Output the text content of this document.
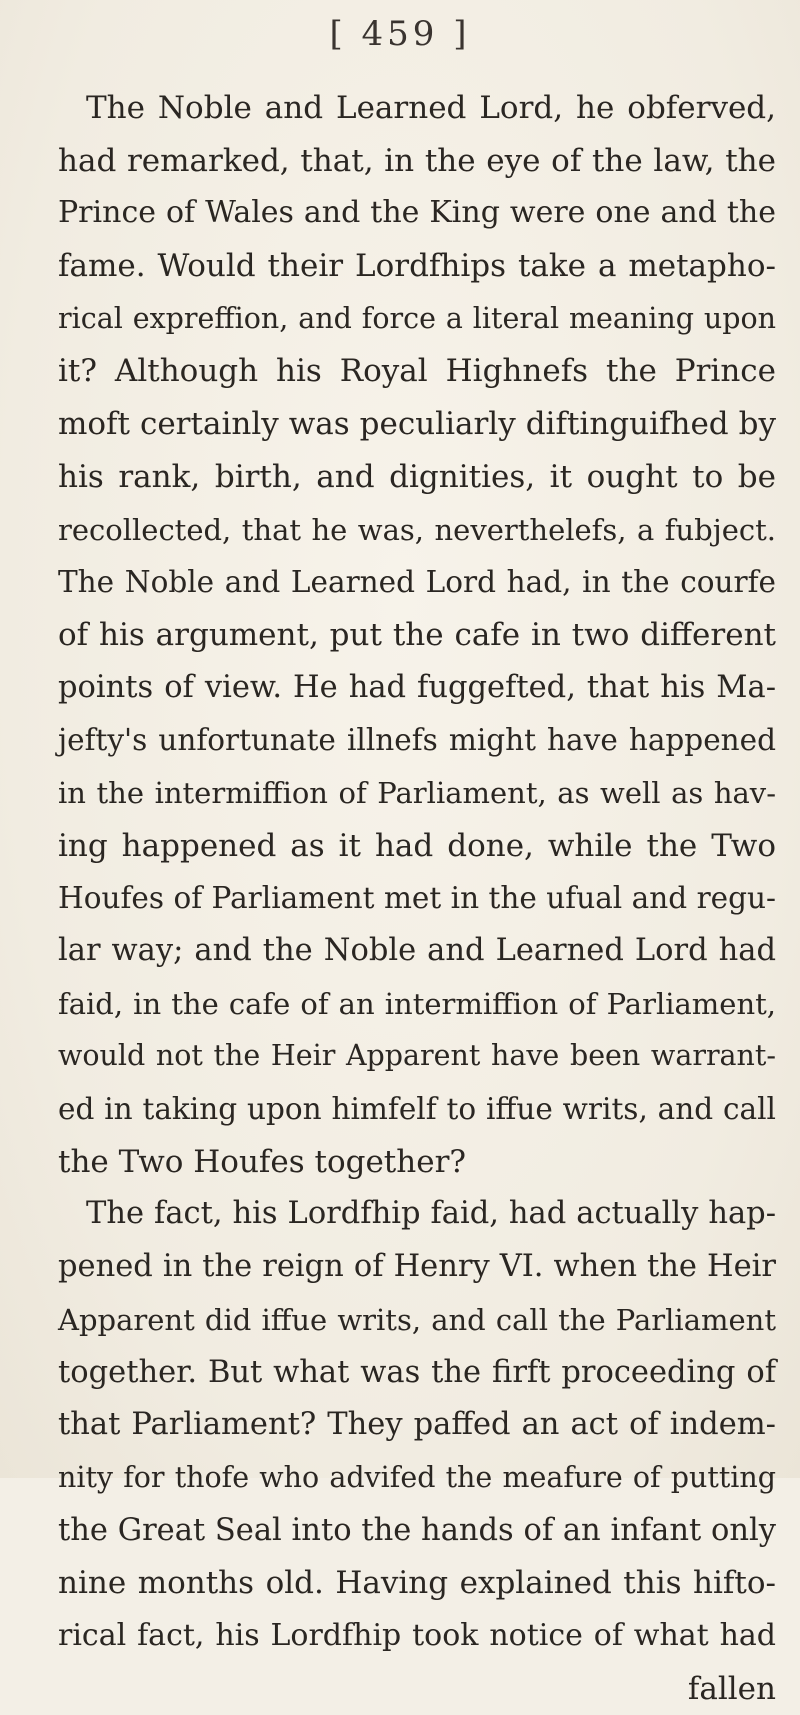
[ 459 ]
The Noble and Learned Lord, he obferved,
had remarked, that, in the eye of the law, the
Prince of Wales and the King were one and the
fame. Would their Lordfhips take a metapho-
rical expreffion, and force a literal meaning upon
it? Although his Royal Highnefs the Prince
moft certainly was peculiarly diftinguifhed by
his rank, birth, and dignities, it ought to be
recollected, that he was, neverthelefs, a fubject.
The Noble and Learned Lord had, in the courfe
of his argument, put the cafe in two different
points of view. He had fuggefted, that his Ma-
jefty's unfortunate illnefs might have happened
in the intermiffion of Parliament, as well as hav-
ing happened as it had done, while the Two
Houfes of Parliament met in the ufual and regu-
lar way; and the Noble and Learned Lord had
faid, in the cafe of an intermiffion of Parliament,
would not the Heir Apparent have been warrant-
ed in taking upon himfelf to iffue writs, and call
the Two Houfes together?
The fact, his Lordfhip faid, had actually hap-
pened in the reign of Henry VI. when the Heir
Apparent did iffue writs, and call the Parliament
together. But what was the firft proceeding of
that Parliament? They paffed an act of indem-
nity for thofe who advifed the meafure of putting
the Great Seal into the hands of an infant only
nine months old. Having explained this hifto-
rical fact, his Lordfhip took notice of what had
fallen
